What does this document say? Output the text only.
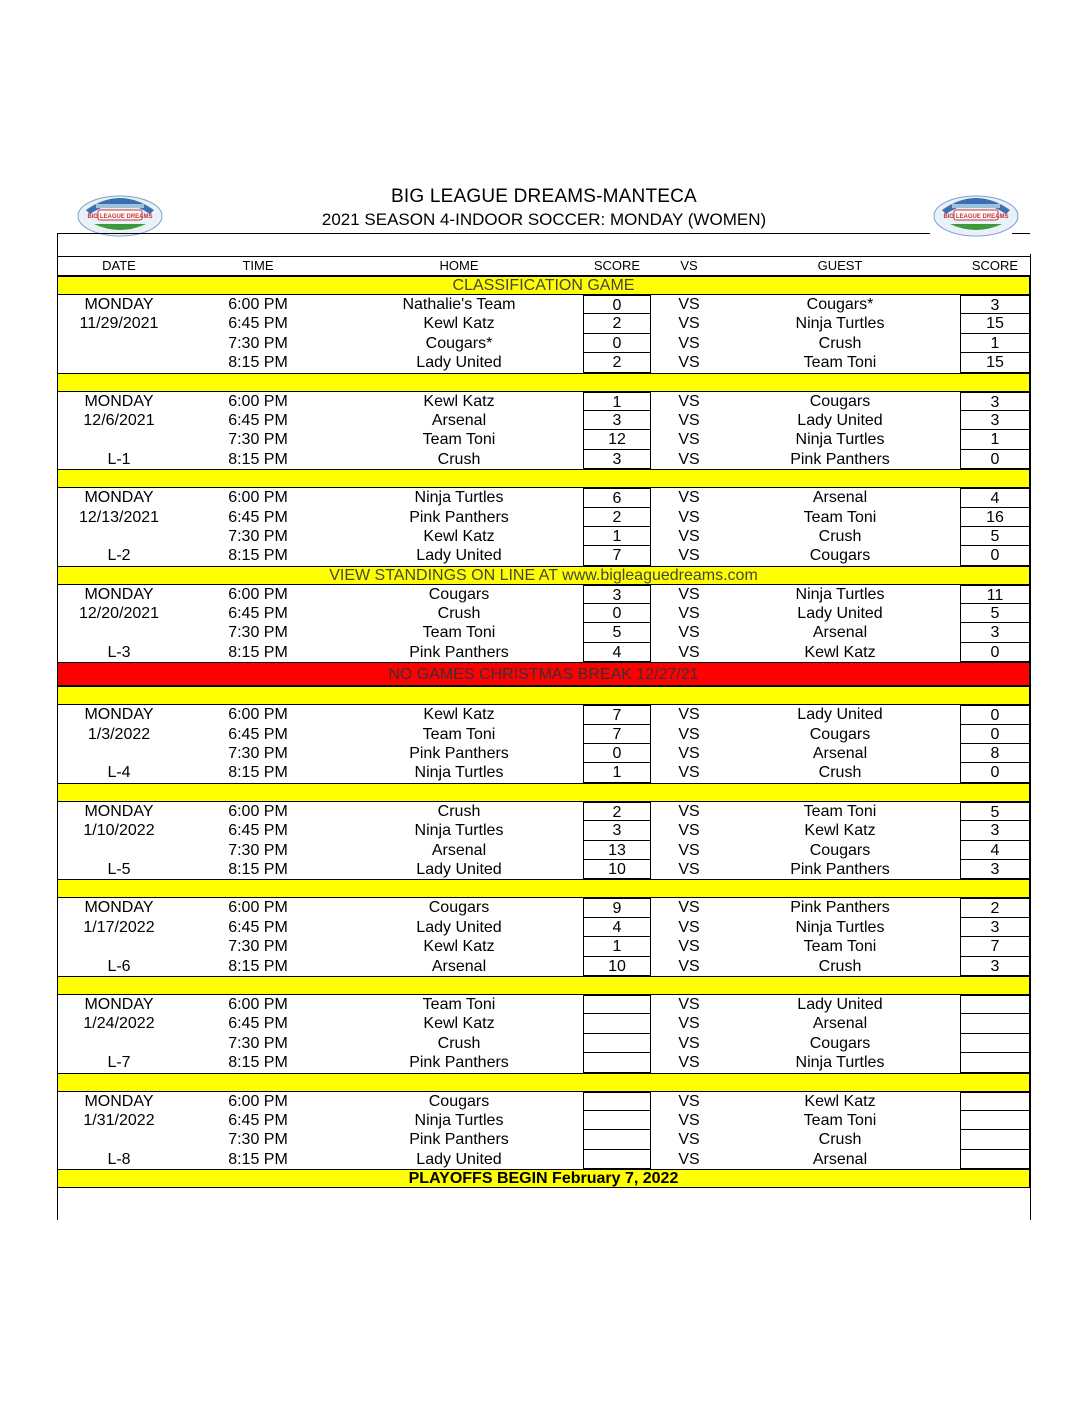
BIG LEAGUE DREAMS	BIG LEAGUE DREAMS
BIG LEAGUE DREAMS-MANTECA
2021 SEASON 4-INDOOR SOCCER: MONDAY (WOMEN)
DATE	TIME	HOME	SCORE	VS	GUEST	SCORE
CLASSIFICATION GAME
MONDAY	6:00 PM	Nathalie's Team	0	VS	Cougars*	3
11/29/2021	6:45 PM	Kewl Katz	2	VS	Ninja Turtles	15
7:30 PM	Cougars*	0	VS	Crush	1
8:15 PM	Lady United	2	VS	Team Toni	15
MONDAY	6:00 PM	Kewl Katz	1	VS	Cougars	3
12/6/2021	6:45 PM	Arsenal	3	VS	Lady United	3
7:30 PM	Team Toni	12	VS	Ninja Turtles	1
L-1	8:15 PM	Crush	3	VS	Pink Panthers	0
MONDAY	6:00 PM	Ninja Turtles	6	VS	Arsenal	4
12/13/2021	6:45 PM	Pink Panthers	2	VS	Team Toni	16
7:30 PM	Kewl Katz	1	VS	Crush	5
L-2	8:15 PM	Lady United	7	VS	Cougars	0
VIEW STANDINGS ON LINE AT www.bigleaguedreams.com
MONDAY	6:00 PM	Cougars	3	VS	Ninja Turtles	11
12/20/2021	6:45 PM	Crush	0	VS	Lady United	5
7:30 PM	Team Toni	5	VS	Arsenal	3
L-3	8:15 PM	Pink Panthers	4	VS	Kewl Katz	0
NO GAMES CHRISTMAS BREAK 12/27/21
MONDAY	6:00 PM	Kewl Katz	7	VS	Lady United	0
1/3/2022	6:45 PM	Team Toni	7	VS	Cougars	0
7:30 PM	Pink Panthers	0	VS	Arsenal	8
L-4	8:15 PM	Ninja Turtles	1	VS	Crush	0
MONDAY	6:00 PM	Crush	2	VS	Team Toni	5
1/10/2022	6:45 PM	Ninja Turtles	3	VS	Kewl Katz	3
7:30 PM	Arsenal	13	VS	Cougars	4
L-5	8:15 PM	Lady United	10	VS	Pink Panthers	3
MONDAY	6:00 PM	Cougars	9	VS	Pink Panthers	2
1/17/2022	6:45 PM	Lady United	4	VS	Ninja Turtles	3
7:30 PM	Kewl Katz	1	VS	Team Toni	7
L-6	8:15 PM	Arsenal	10	VS	Crush	3
MONDAY	6:00 PM	Team Toni	VS	Lady United
1/24/2022	6:45 PM	Kewl Katz	VS	Arsenal
7:30 PM	Crush	VS	Cougars
L-7	8:15 PM	Pink Panthers	VS	Ninja Turtles
MONDAY	6:00 PM	Cougars	VS	Kewl Katz
1/31/2022	6:45 PM	Ninja Turtles	VS	Team Toni
7:30 PM	Pink Panthers	VS	Crush
L-8	8:15 PM	Lady United	VS	Arsenal
PLAYOFFS BEGIN February 7, 2022
